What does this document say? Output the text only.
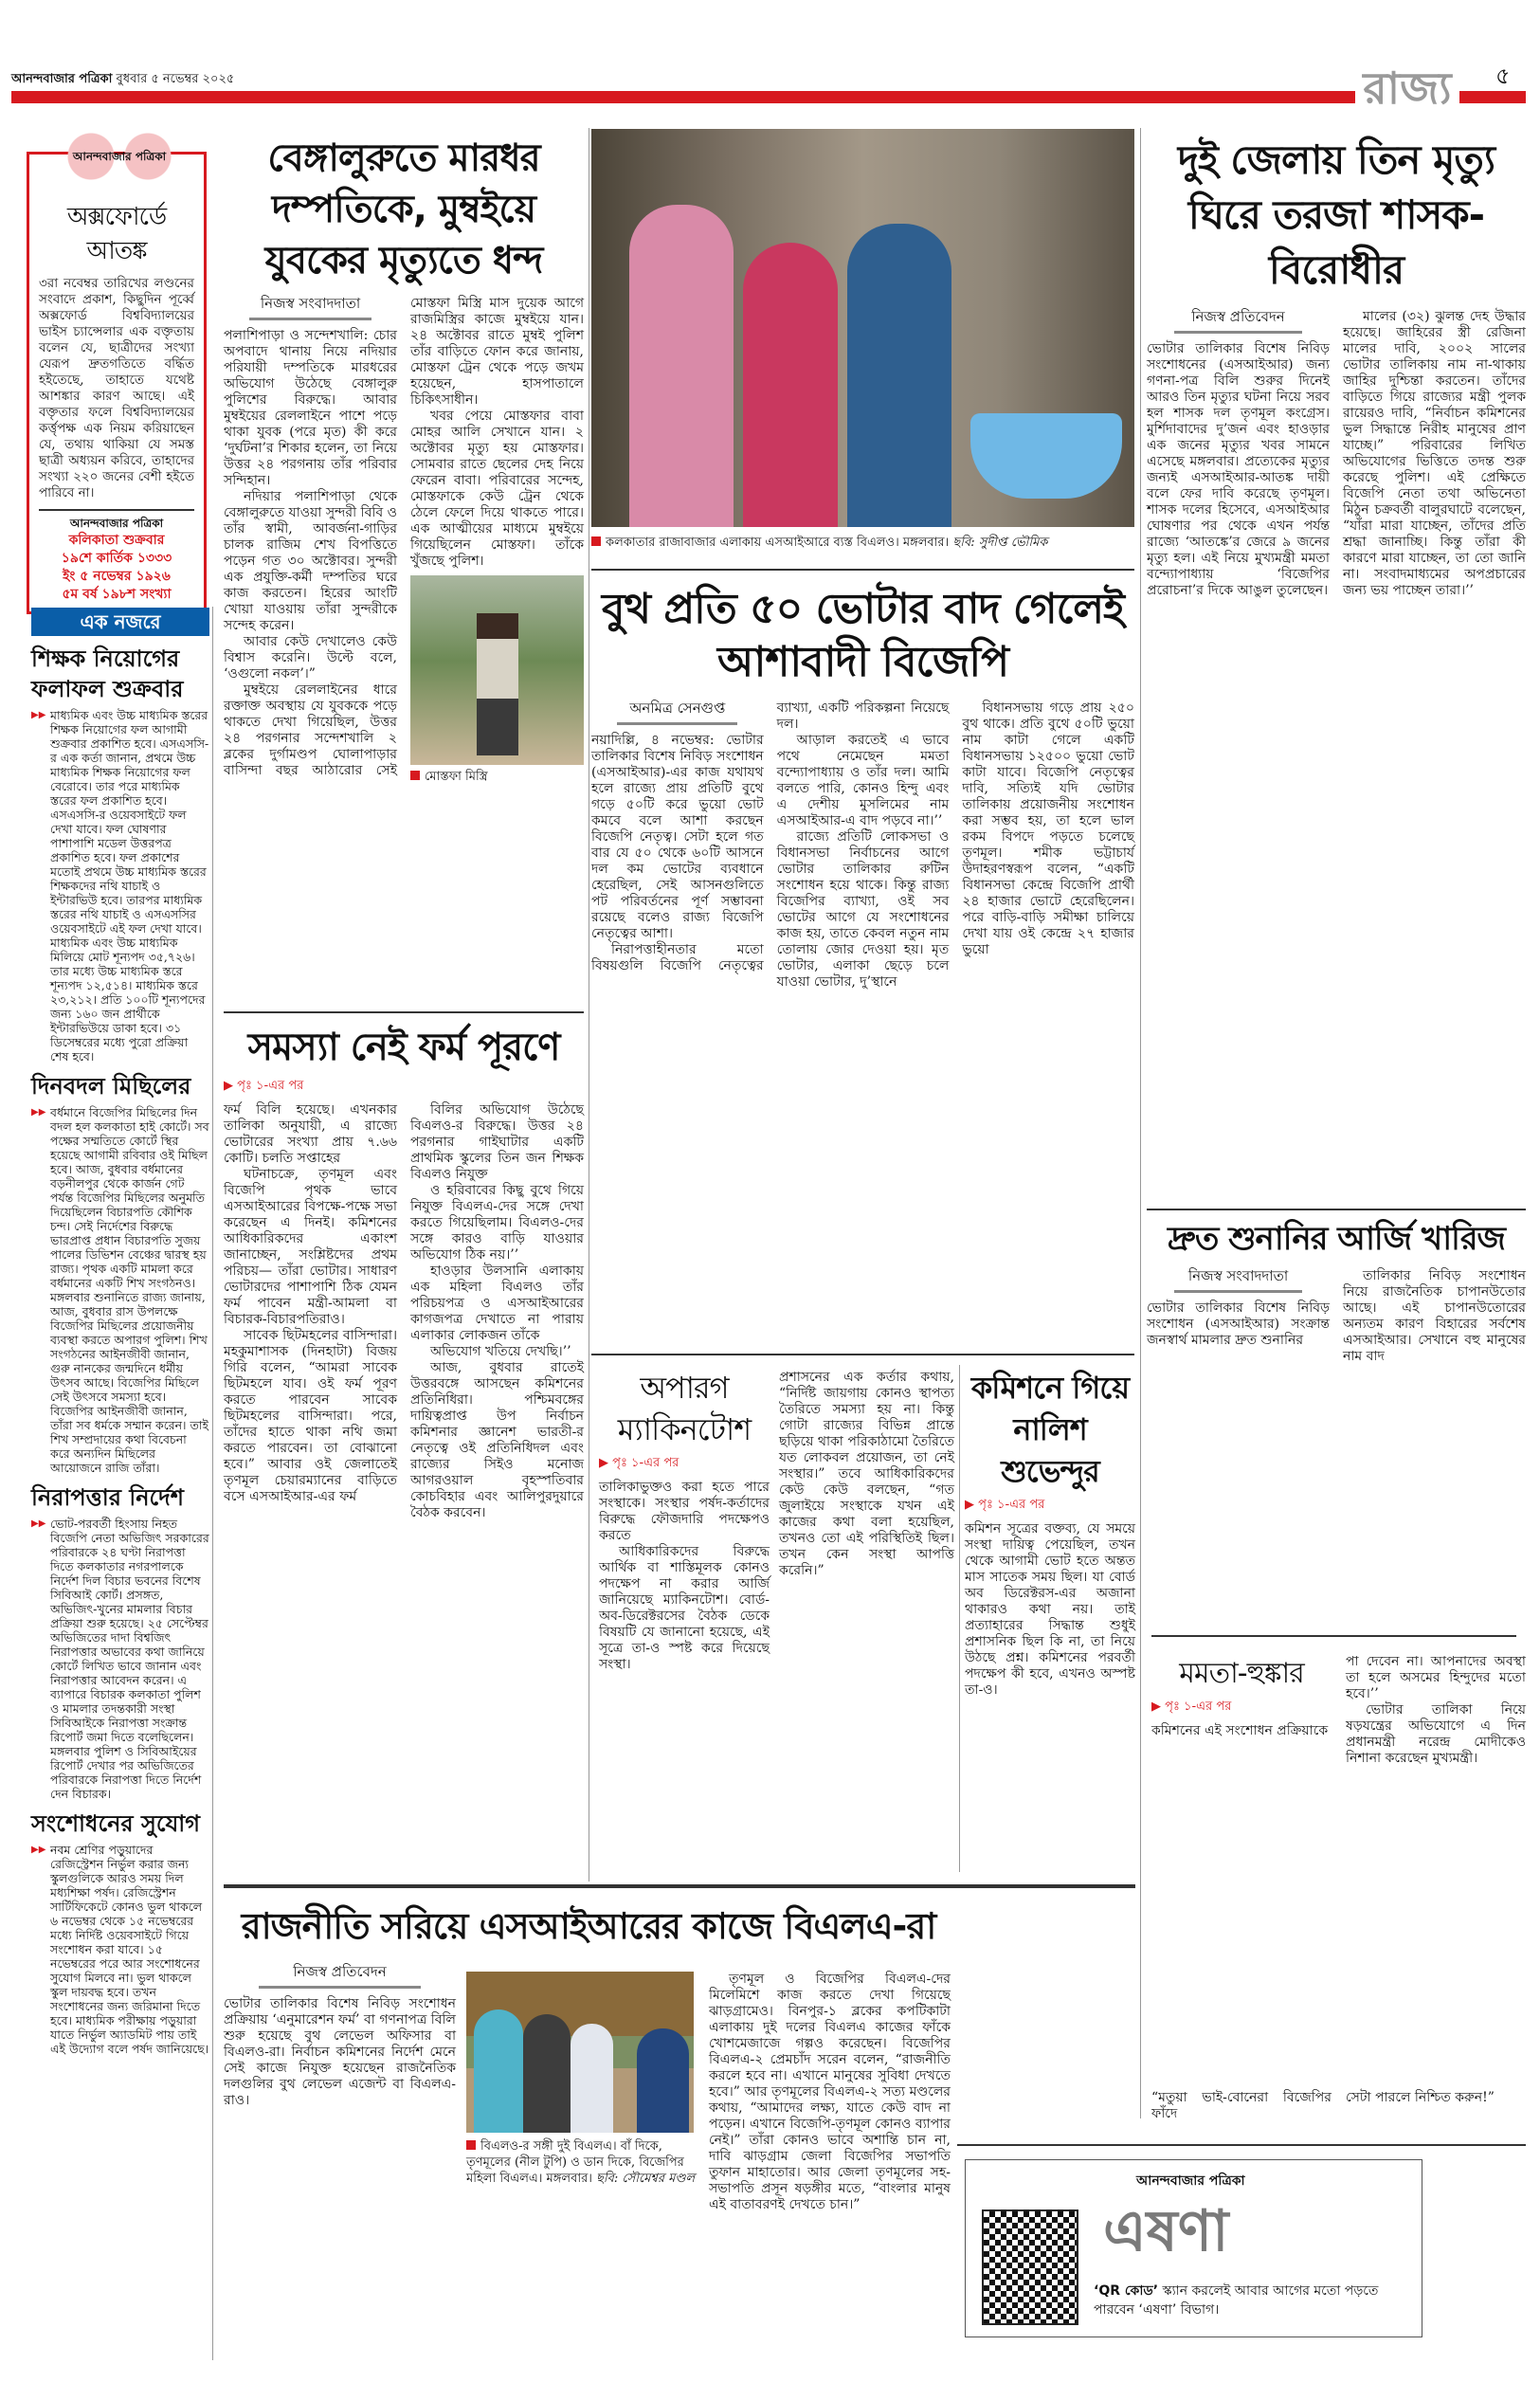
আনন্দবাজার পত্রিকা বুধবার ৫ নভেম্বর ২০২৫	রাজ্য	৫
আনন্দবাজার পত্রিকা
অক্সফোর্ডে আতঙ্ক
৩রা নবেম্বর তারিখের লণ্ডনের সংবাদে প্রকাশ, কিছুদিন পূর্ব্বে অক্সফোর্ড বিশ্ববিদ্যালয়ের ভাইস চ্যান্সেলার এক বক্তৃতায় বলেন যে, ছাত্রীদের সংখ্যা যেরূপ দ্রুতগতিতে বর্দ্ধিত হইতেছে, তাহাতে যথেষ্ট আশঙ্কার কারণ আছে। এই বক্তৃতার ফলে বিশ্ববিদ্যালয়ের কর্ত্তৃপক্ষ এক নিয়ম করিয়াছেন যে, তথায় থাকিয়া যে সমস্ত ছাত্রী অধ্যয়ন করিবে, তাহাদের সংখ্যা ২২০ জনের বেশী হইতে পারিবে না।
আনন্দবাজার পত্রিকা
কলিকাতা শুক্রবার
১৯শে কার্তিক ১৩৩৩
ইং ৫ নভেম্বর ১৯২৬
৫ম বর্ষ ১৯৮শ সংখ্যা
এক নজরে
শিক্ষক নিয়োগের ফলাফল শুক্রবার
▶▶ মাধ্যমিক এবং উচ্চ মাধ্যমিক স্তরের শিক্ষক নিয়োগের ফল আগামী শুক্রবার প্রকাশিত হবে। এসএসসি-র এক কর্তা জানান, প্রথমে উচ্চ মাধ্যমিক শিক্ষক নিয়োগের ফল বেরোবে। তার পরে মাধ্যমিক স্তরের ফল প্রকাশিত হবে। এসএসসি-র ওয়েবসাইটে ফল দেখা যাবে। ফল ঘোষণার পাশাপাশি মডেল উত্তরপত্র প্রকাশিত হবে। ফল প্রকাশের মতোই প্রথমে উচ্চ মাধ্যমিক স্তরের শিক্ষকদের নথি যাচাই ও ইন্টারভিউ হবে। তারপর মাধ্যমিক স্তরের নথি যাচাই ও এসএসসির ওয়েবসাইটে এই ফল দেখা যাবে। মাধ্যমিক এবং উচ্চ মাধ্যমিক মিলিয়ে মোট শূন্যপদ ৩৫,৭২৬। তার মধ্যে উচ্চ মাধ্যমিক স্তরে শূন্যপদ ১২,৫১৪। মাধ্যমিক স্তরে ২৩,২১২। প্রতি ১০০টি শূন্যপদের জন্য ১৬০ জন প্রার্থীকে ইন্টারভিউয়ে ডাকা হবে। ৩১ ডিসেম্বরের মধ্যে পুরো প্রক্রিয়া শেষ হবে।
দিনবদল মিছিলের
▶▶ বর্ধমানে বিজেপির মিছিলের দিন বদল হল কলকাতা হাই কোর্টে। সব পক্ষের সম্মতিতে কোর্টে স্থির হয়েছে আগামী রবিবার ওই মিছিল হবে। আজ, বুধবার বর্ধমানের বড়নীলপুর থেকে কার্জন গেট পর্যন্ত বিজেপির মিছিলের অনুমতি দিয়েছিলেন বিচারপতি কৌশিক চন্দ। সেই নির্দেশের বিরুদ্ধে ভারপ্রাপ্ত প্রধান বিচারপতি সুজয় পালের ডিভিশন বেঞ্চের দ্বারস্থ হয় রাজ্য। পৃথক একটি মামলা করে বর্ধমানের একটি শিখ সংগঠনও। মঙ্গলবার শুনানিতে রাজ্য জানায়, আজ, বুধবার রাস উপলক্ষে বিজেপির মিছিলের প্রয়োজনীয় ব্যবস্থা করতে অপারগ পুলিশ। শিখ সংগঠনের আইনজীবী জানান, গুরু নানকের জন্মদিনে ধর্মীয় উৎসব আছে। বিজেপির মিছিলে সেই উৎসবে সমস্যা হবে। বিজেপির আইনজীবী জানান, তাঁরা সব ধর্মকে সম্মান করেন। তাই শিখ সম্প্রদায়ের কথা বিবেচনা করে অন্যদিন মিছিলের আয়োজনে রাজি তাঁরা।
নিরাপত্তার নির্দেশ
▶▶ ভোট-পরবর্তী হিংসায় নিহত বিজেপি নেতা অভিজিৎ সরকারের পরিবারকে ২৪ ঘণ্টা নিরাপত্তা দিতে কলকাতার নগরপালকে নির্দেশ দিল বিচার ভবনের বিশেষ সিবিআই কোর্ট। প্রসঙ্গত, অভিজিৎ-খুনের মামলার বিচার প্রক্রিয়া শুরু হয়েছে। ২৫ সেপ্টেম্বর অভিজিতের দাদা বিশ্বজিৎ নিরাপত্তার অভাবের কথা জানিয়ে কোর্টে লিখিত ভাবে জানান এবং নিরাপত্তার আবেদন করেন। এ ব্যাপারে বিচারক কলকাতা পুলিশ ও মামলার তদন্তকারী সংস্থা সিবিআইকে নিরাপত্তা সংক্রান্ত রিপোর্ট জমা দিতে বলেছিলেন। মঙ্গলবার পুলিশ ও সিবিআইয়ের রিপোর্ট দেখার পর অভিজিতের পরিবারকে নিরাপত্তা দিতে নির্দেশ দেন বিচারক।
সংশোধনের সুযোগ
▶▶ নবম শ্রেণির পড়ুয়াদের রেজিস্ট্রেশন নির্ভুল করার জন্য স্কুলগুলিকে আরও সময় দিল মধ্যশিক্ষা পর্ষদ। রেজিস্ট্রেশন সার্টিফিকেটে কোনও ভুল থাকলে ৬ নভেম্বর থেকে ১৫ নভেম্বরের মধ্যে নির্দিষ্ট ওয়েবসাইটে গিয়ে সংশোধন করা যাবে। ১৫ নভেম্বরের পরে আর সংশোধনের সুযোগ মিলবে না। ভুল থাকলে স্কুল দায়বদ্ধ হবে। তখন সংশোধনের জন্য জরিমানা দিতে হবে। মাধ্যমিক পরীক্ষায় পড়ুয়ারা যাতে নির্ভুল অ্যাডমিট পায় তাই এই উদ্যোগ বলে পর্ষদ জানিয়েছে।
বেঙ্গালুরুতে মারধর দম্পতিকে, মুম্বইয়ে যুবকের মৃত্যুতে ধন্দ
নিজস্ব সংবাদদাতা

পলাশিপাড়া ও সন্দেশখালি: চোর অপবাদে থানায় নিয়ে নদিয়ার পরিযায়ী দম্পতিকে মারধরের অভিযোগ উঠেছে বেঙ্গালুরু পুলিশের বিরুদ্ধে। আবার মুম্বইয়ের রেললাইনে পাশে পড়ে থাকা যুবক (পরে মৃত) কী করে ‘দুর্ঘটনা’র শিকার হলেন, তা নিয়ে উত্তর ২৪ পরগনায় তাঁর পরিবার সন্দিহান।

নদিয়ার পলাশিপাড়া থেকে বেঙ্গালুরুতে যাওয়া সুন্দরী বিবি ও তাঁর স্বামী, আবর্জনা-গাড়ির চালক রাজিম শেখ বিপত্তিতে পড়েন গত ৩০ অক্টোবর। সুন্দরী এক প্রযুক্তি-কর্মী দম্পতির ঘরে কাজ করতেন। হিরের আংটি খোয়া যাওয়ায় তাঁরা সুন্দরীকে সন্দেহ করেন।

আবার কেউ দেখালেও কেউ বিশ্বাস করেনি। উল্টে বলে, ‘ওগুলো নকল’।”

মুম্বইয়ে রেললাইনের ধারে রক্তাক্ত অবস্থায় যে যুবককে পড়ে থাকতে দেখা গিয়েছিল, উত্তর ২৪ পরগনার সন্দেশখালি ২ ব্লকের দুর্গামণ্ডপ ঘোলাপাড়ার বাসিন্দা বছর আঠারোর সেই মোস্তফা মিস্ত্রি মাস দুয়েক আগে রাজমিস্ত্রির কাজে মুম্বইয়ে যান। ২৪ অক্টোবর রাতে মুম্বই পুলিশ তাঁর বাড়িতে ফোন করে জানায়, মোস্তফা ট্রেন থেকে পড়ে জখম হয়েছেন, হাসপাতালে চিকিৎসাধীন।

খবর পেয়ে মোস্তফার বাবা মোহর আলি সেখানে যান। ২ অক্টোবর মৃত্যু হয় মোস্তফার। সোমবার রাতে ছেলের দেহ নিয়ে ফেরেন বাবা। পরিবারের সন্দেহ, মোস্তফাকে কেউ ট্রেন থেকে ঠেলে ফেলে দিয়ে থাকতে পারে। এক আত্মীয়ের মাধ্যমে মুম্বইয়ে গিয়েছিলেন মোস্তফা। তাঁকে খুঁজছে পুলিশ।

মোস্তফা মিস্ত্রি
কলকাতার রাজাবাজার এলাকায় এসআইআরে ব্যস্ত বিএলও। মঙ্গলবার। ছবি: সুদীপ্ত ভৌমিক
বুথ প্রতি ৫০ ভোটার বাদ গেলেই আশাবাদী বিজেপি
অনমিত্র সেনগুপ্ত

নয়াদিল্লি, ৪ নভেম্বর: ভোটার তালিকার বিশেষ নিবিড় সংশোধন (এসআইআর)-এর কাজ যথাযথ হলে রাজ্যে প্রায় প্রতিটি বুথে গড়ে ৫০টি করে ভুয়ো ভোট কমবে বলে আশা করছেন বিজেপি নেতৃত্ব। সেটা হলে গত বার যে ৫০ থেকে ৬০টি আসনে দল কম ভোটের ব্যবধানে হেরেছিল, সেই আসনগুলিতে পট পরিবর্তনের পূর্ণ সম্ভাবনা রয়েছে বলেও রাজ্য বিজেপি নেতৃত্বের আশা।

নিরাপত্তাহীনতার মতো বিষয়গুলি বিজেপি নেতৃত্বের ব্যাখ্যা, একটি পরিকল্পনা নিয়েছে দল।

আড়াল করতেই এ ভাবে পথে নেমেছেন মমতা বন্দ্যোপাধ্যায় ও তাঁর দল। আমি বলতে পারি, কোনও হিন্দু এবং এ দেশীয় মুসলিমের নাম এসআইআর-এ বাদ পড়বে না।’’

রাজ্যে প্রতিটি লোকসভা ও বিধানসভা নির্বাচনের আগে ভোটার তালিকার রুটিন সংশোধন হয়ে থাকে। কিন্তু রাজ্য বিজেপির ব্যাখ্যা, ওই সব ভোটের আগে যে সংশোধনের কাজ হয়, তাতে কেবল নতুন নাম তোলায় জোর দেওয়া হয়। মৃত ভোটার, এলাকা ছেড়ে চলে যাওয়া ভোটার, দু’স্থানে

বিধানসভায় গড়ে প্রায় ২৫০ বুথ থাকে। প্রতি বুথে ৫০টি ভুয়ো নাম কাটা গেলে একটি বিধানসভায় ১২৫০০ ভুয়ো ভোট কাটা যাবে। বিজেপি নেতৃত্বের দাবি, সত্যিই যদি ভোটার তালিকায় প্রয়োজনীয় সংশোধন করা সম্ভব হয়, তা হলে ভাল রকম বিপদে পড়তে চলেছে তৃণমূল। শমীক ভট্টাচার্য উদাহরণস্বরূপ বলেন, “একটি বিধানসভা কেন্দ্রে বিজেপি প্রার্থী ২৪ হাজার ভোটে হেরেছিলেন। পরে বাড়ি-বাড়ি সমীক্ষা চালিয়ে দেখা যায় ওই কেন্দ্রে ২৭ হাজার ভুয়ো

দুই জেলায় তিন মৃত্যু ঘিরে তরজা শাসক-বিরোধীর
নিজস্ব প্রতিবেদন

ভোটার তালিকার বিশেষ নিবিড় সংশোধনের (এসআইআর) জন্য গণনা-পত্র বিলি শুরুর দিনেই আরও তিন মৃত্যুর ঘটনা নিয়ে সরব হল শাসক দল তৃণমূল কংগ্রেস। মুর্শিদাবাদের দু’জন এবং হাওড়ার এক জনের মৃত্যুর খবর সামনে এসেছে মঙ্গলবার। প্রত্যেকের মৃত্যুর জন্যই এসআইআর-আতঙ্ক দায়ী বলে ফের দাবি করেছে তৃণমূল। শাসক দলের হিসেবে, এসআইআর ঘোষণার পর থেকে এখন পর্যন্ত রাজ্যে ‘আতঙ্কে’র জেরে ৯ জনের মৃত্যু হল। এই নিয়ে মুখ্যমন্ত্রী মমতা বন্দ্যোপাধ্যায় ‘বিজেপির প্ররোচনা’র দিকে আঙুল তুলেছেন।

মালের (৩২) ঝুলন্ত দেহ উদ্ধার হয়েছে। জাহিরের স্ত্রী রেজিনা মালের দাবি, ২০০২ সালের ভোটার তালিকায় নাম না-থাকায় জাহির দুশ্চিন্তা করতেন। তাঁদের বাড়িতে গিয়ে রাজ্যের মন্ত্রী পুলক রায়েরও দাবি, “নির্বাচন কমিশনের ভুল সিদ্ধান্তে নিরীহ মানুষের প্রাণ যাচ্ছে।” পরিবারের লিখিত অভিযোগের ভিত্তিতে তদন্ত শুরু করেছে পুলিশ। এই প্রেক্ষিতে বিজেপি নেতা তথা অভিনেতা মিঠুন চক্রবর্তী বালুরঘাটে বলেছেন, “যাঁরা মারা যাচ্ছেন, তাঁদের প্রতি শ্রদ্ধা জানাচ্ছি। কিন্তু তাঁরা কী কারণে মারা যাচ্ছেন, তা তো জানি না। সংবাদমাধ্যমের অপপ্রচারের জন্য ভয় পাচ্ছেন তারা।’’

দ্রুত শুনানির আর্জি খারিজ
নিজস্ব সংবাদদাতা

ভোটার তালিকার বিশেষ নিবিড় সংশোধন (এসআইআর) সংক্রান্ত জনস্বার্থ মামলার দ্রুত শুনানির

তালিকার নিবিড় সংশোধন নিয়ে রাজনৈতিক চাপানউতোর আছে। এই চাপানউতোরের অন্যতম কারণ বিহারের সর্বশেষ এসআইআর। সেখানে বহু মানুষের নাম বাদ

মমতা-হুঙ্কার
▶ পৃঃ ১-এর পর

কমিশনের এই সংশোধন প্রক্রিয়াকে

পা দেবেন না। আপনাদের অবস্থা তা হলে অসমের হিন্দুদের মতো হবে।’’

ভোটার তালিকা নিয়ে ষড়যন্ত্রের অভিযোগে এ দিন প্রধানমন্ত্রী নরেন্দ্র মোদীকেও নিশানা করেছেন মুখ্যমন্ত্রী।

“মতুয়া ভাই-বোনেরা বিজেপির ফাঁদে
সেটা পারলে নিশ্চিত করুন!”
সমস্যা নেই ফর্ম পূরণে
▶ পৃঃ ১-এর পর

ফর্ম বিলি হয়েছে। এখনকার তালিকা অনুযায়ী, এ রাজ্যে ভোটারের সংখ্যা প্রায় ৭.৬৬ কোটি। চলতি সপ্তাহের

ঘটনাচক্রে, তৃণমূল এবং বিজেপি পৃথক ভাবে এসআইআরের বিপক্ষে-পক্ষে সভা করেছেন এ দিনই। কমিশনের আধিকারিকদের একাংশ জানাচ্ছেন, সংশ্লিষ্টদের প্রথম পরিচয়— তাঁরা ভোটার। সাধারণ ভোটারদের পাশাপাশি ঠিক যেমন ফর্ম পাবেন মন্ত্রী-আমলা বা বিচারক-বিচারপতিরাও।

সাবেক ছিটমহলের বাসিন্দারা। মহকুমাশাসক (দিনহাটা) বিজয় গিরি বলেন, “আমরা সাবেক ছিটমহলে যাব। ওই ফর্ম পূরণ করতে পারবেন সাবেক ছিটমহলের বাসিন্দারা। পরে, তাঁদের হাতে থাকা নথি জমা করতে পারবেন। তা বোঝানো হবে।” আবার ওই জেলাতেই তৃণমূল চেয়ারম্যানের বাড়িতে বসে এসআইআর-এর ফর্ম

বিলির অভিযোগ উঠেছে বিএলও-র বিরুদ্ধে। উত্তর ২৪ পরগনার গাইঘাটার একটি প্রাথমিক স্কুলের তিন জন শিক্ষক বিএলও নিযুক্ত

ও হরিবাবের কিছু বুথে গিয়ে নিযুক্ত বিএলএ-দের সঙ্গে দেখা করতে গিয়েছিলাম। বিএলও-দের সঙ্গে কারও বাড়ি যাওয়ার অভিযোগ ঠিক নয়।’’

হাওড়ার উলসানি এলাকায় এক মহিলা বিএলও তাঁর পরিচয়পত্র ও এসআইআরের কাগজপত্র দেখাতে না পারায় এলাকার লোকজন তাঁকে

অভিযোগ খতিয়ে দেখছি।’’

আজ, বুধবার রাতেই উত্তরবঙ্গে আসছেন কমিশনের প্রতিনিধিরা। পশ্চিমবঙ্গের দায়িত্বপ্রাপ্ত উপ নির্বাচন কমিশনার জ্ঞানেশ ভারতী-র নেতৃত্বে ওই প্রতিনিধিদল এবং রাজ্যের সিইও মনোজ আগরওয়াল বৃহস্পতিবার কোচবিহার এবং আলিপুরদুয়ারে বৈঠক করবেন।

অপারগ ম্যাকিনটোশ
▶ পৃঃ ১-এর পর

তালিকাভুক্তও করা হতে পারে সংস্থাকে। সংস্থার পর্ষদ-কর্তাদের বিরুদ্ধে ফৌজদারি পদক্ষেপও করতে

আধিকারিকদের বিরুদ্ধে আর্থিক বা শাস্তিমূলক কোনও পদক্ষেপ না করার আর্জি জানিয়েছে ম্যাকিনটোশ। বোর্ড-অব-ডিরেক্টরসের বৈঠক ডেকে বিষয়টি যে জানানো হয়েছে, এই সূত্রে তা-ও স্পষ্ট করে দিয়েছে সংস্থা।

প্রশাসনের এক কর্তার কথায়, “নির্দিষ্ট জায়গায় কোনও স্থাপত্য তৈরিতে সমস্যা হয় না। কিন্তু গোটা রাজ্যের বিভিন্ন প্রান্তে ছড়িয়ে থাকা পরিকাঠামো তৈরিতে যত লোকবল প্রয়োজন, তা নেই সংস্থার।” তবে আধিকারিকদের কেউ কেউ বলছেন, “গত জুলাইয়ে সংস্থাকে যখন এই কাজের কথা বলা হয়েছিল, তখনও তো এই পরিস্থিতিই ছিল। তখন কেন সংস্থা আপত্তি করেনি।”

কমিশনে গিয়ে নালিশ শুভেন্দুর
▶ পৃঃ ১-এর পর

কমিশন সূত্রের বক্তব্য, যে সময়ে সংস্থা দায়িত্ব পেয়েছিল, তখন থেকে আগামী ভোট হতে অন্তত মাস সাতেক সময় ছিল। যা বোর্ড অব ডিরেক্টরস-এর অজানা থাকারও কথা নয়। তাই প্রত্যাহারের সিদ্ধান্ত শুধুই প্রশাসনিক ছিল কি না, তা নিয়ে উঠছে প্রশ্ন। কমিশনের পরবর্তী পদক্ষেপ কী হবে, এখনও অস্পষ্ট তা-ও।

রাজনীতি সরিয়ে এসআইআরের কাজে বিএলএ-রা
নিজস্ব প্রতিবেদন

ভোটার তালিকার বিশেষ নিবিড় সংশোধন প্রক্রিয়ায় ‘এনুমারেশন ফর্ম’ বা গণনাপত্র বিলি শুরু হয়েছে বুথ লেভেল অফিসার বা বিএলও-রা। নির্বাচন কমিশনের নির্দেশ মেনে সেই কাজে নিযুক্ত হয়েছেন রাজনৈতিক দলগুলির বুথ লেভেল এজেন্ট বা বিএলএ-রাও।

বিএলও-র সঙ্গী দুই বিএলএ। বাঁ দিকে, তৃণমূলের (নীল টুপি) ও ডান দিকে, বিজেপির মহিলা বিএলএ। মঙ্গলবার। ছবি: সৌমেশ্বর মণ্ডল

তৃণমূল ও বিজেপির বিএলএ-দের মিলেমিশে কাজ করতে দেখা গিয়েছে ঝাড়গ্রামেও। বিনপুর-১ ব্লকের কপটিকাটা এলাকায় দুই দলের বিএলএ কাজের ফাঁকে খোশমেজাজে গল্পও করেছেন। বিজেপির বিএলএ-২ প্রেমচাঁদ সরেন বলেন, “রাজনীতি করলে হবে না। এখানে মানুষের সুবিধা দেখতে হবে।” আর তৃণমূলের বিএলএ-২ সত্য মণ্ডলের কথায়, “আমাদের লক্ষ্য, যাতে কেউ বাদ না পড়েন। এখানে বিজেপি-তৃণমূল কোনও ব্যাপার নেই।” তাঁরা কোনও ভাবে অশান্তি চান না, দাবি ঝাড়গ্রাম জেলা বিজেপির সভাপতি তুফান মাহাতোর। আর জেলা তৃণমূলের সহ-সভাপতি প্রসূন ষড়ঙ্গীর মতে, “বাংলার মানুষ এই বাতাবরণই দেখতে চান।”

আনন্দবাজার পত্রিকা
এষণা
‘QR কোড’ স্ক্যান করলেই আবার আগের মতো পড়তে পারবেন ‘এষণা’ বিভাগ।
